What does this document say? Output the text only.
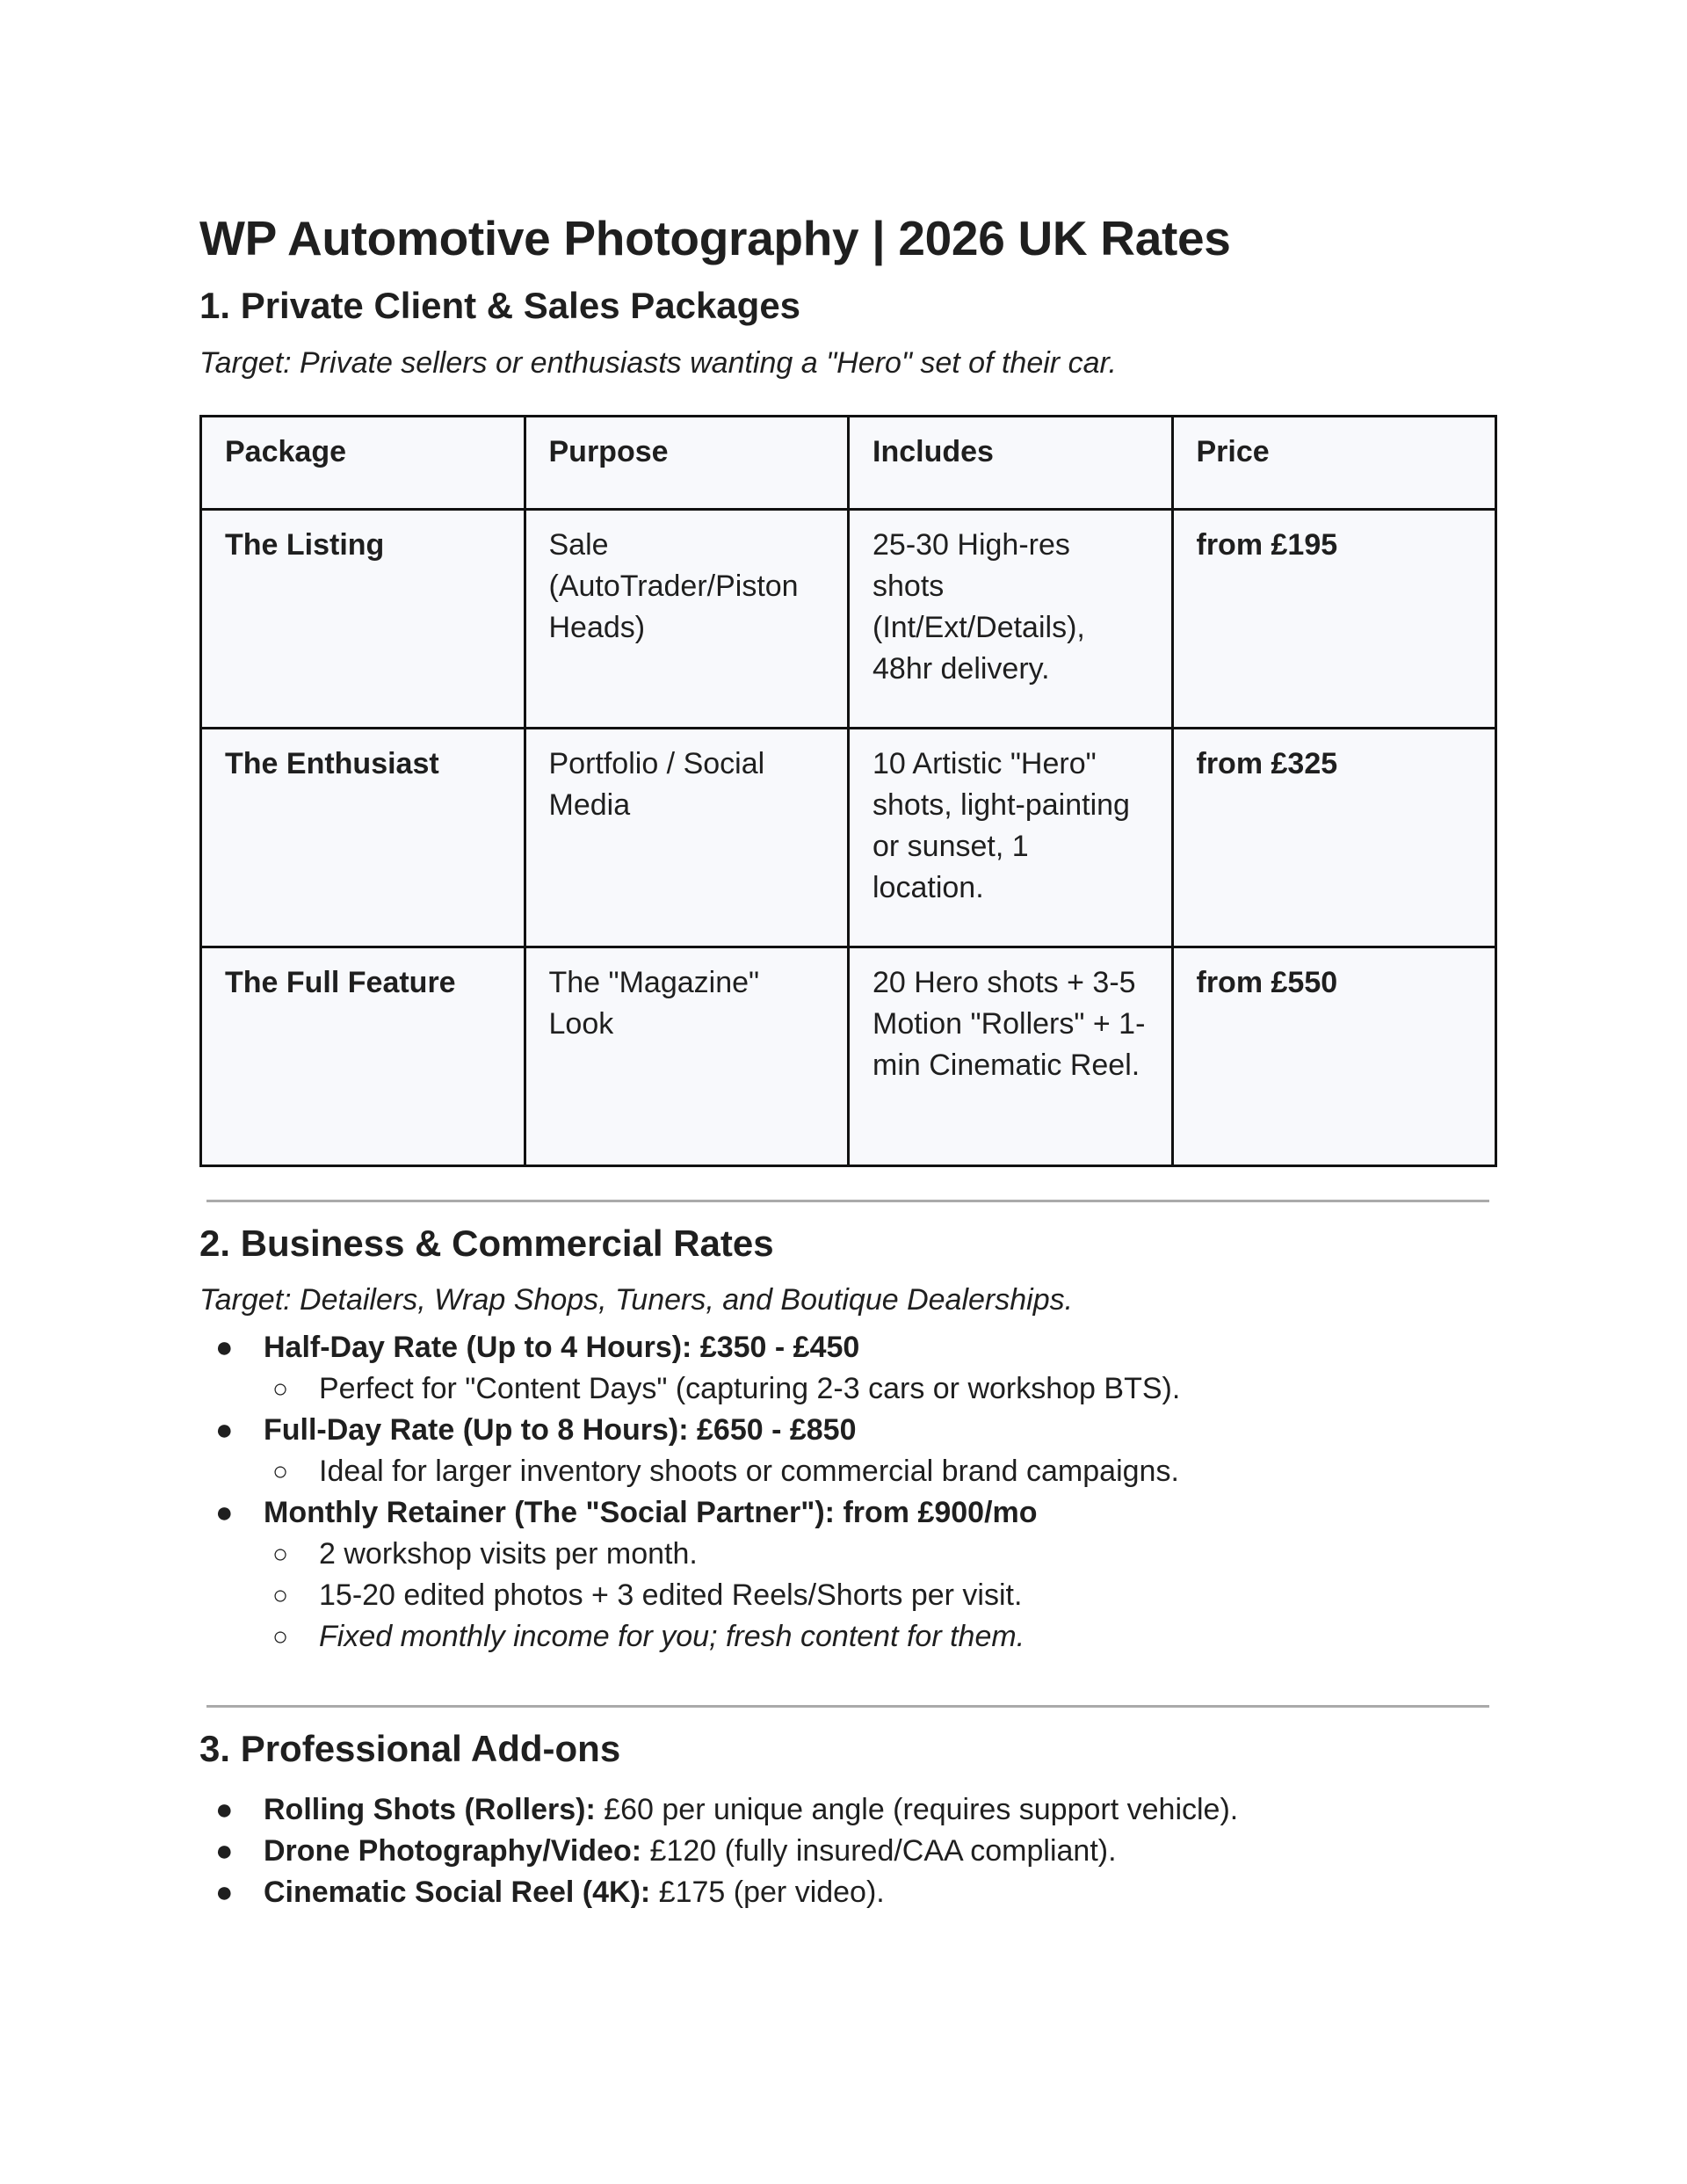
WP Automotive Photography | 2026 UK Rates
1. Private Client & Sales Packages

Target: Private sellers or enthusiasts wanting a "Hero" set of their car.

Package	Purpose	Includes	Price
The Listing	Sale (AutoTrader/Piston Heads)	25-30 High-res shots (Int/Ext/Details), 48hr delivery.	from £195
The Enthusiast	Portfolio / Social Media	10 Artistic "Hero" shots, light-painting or sunset, 1 location.	from £325
The Full Feature	The "Magazine" Look	20 Hero shots + 3-5 Motion "Rollers" + 1-min Cinematic Reel.	from £550
2. Business & Commercial Rates

Target: Detailers, Wrap Shops, Tuners, and Boutique Dealerships.

● Half-Day Rate (Up to 4 Hours): £350 - £450
○ Perfect for "Content Days" (capturing 2-3 cars or workshop BTS).
● Full-Day Rate (Up to 8 Hours): £650 - £850
○ Ideal for larger inventory shoots or commercial brand campaigns.
● Monthly Retainer (The "Social Partner"): from £900/mo
○ 2 workshop visits per month.
○ 15-20 edited photos + 3 edited Reels/Shorts per visit.
○ Fixed monthly income for you; fresh content for them.
3. Professional Add-ons
● Rolling Shots (Rollers): £60 per unique angle (requires support vehicle).
● Drone Photography/Video: £120 (fully insured/CAA compliant).
● Cinematic Social Reel (4K): £175 (per video).
